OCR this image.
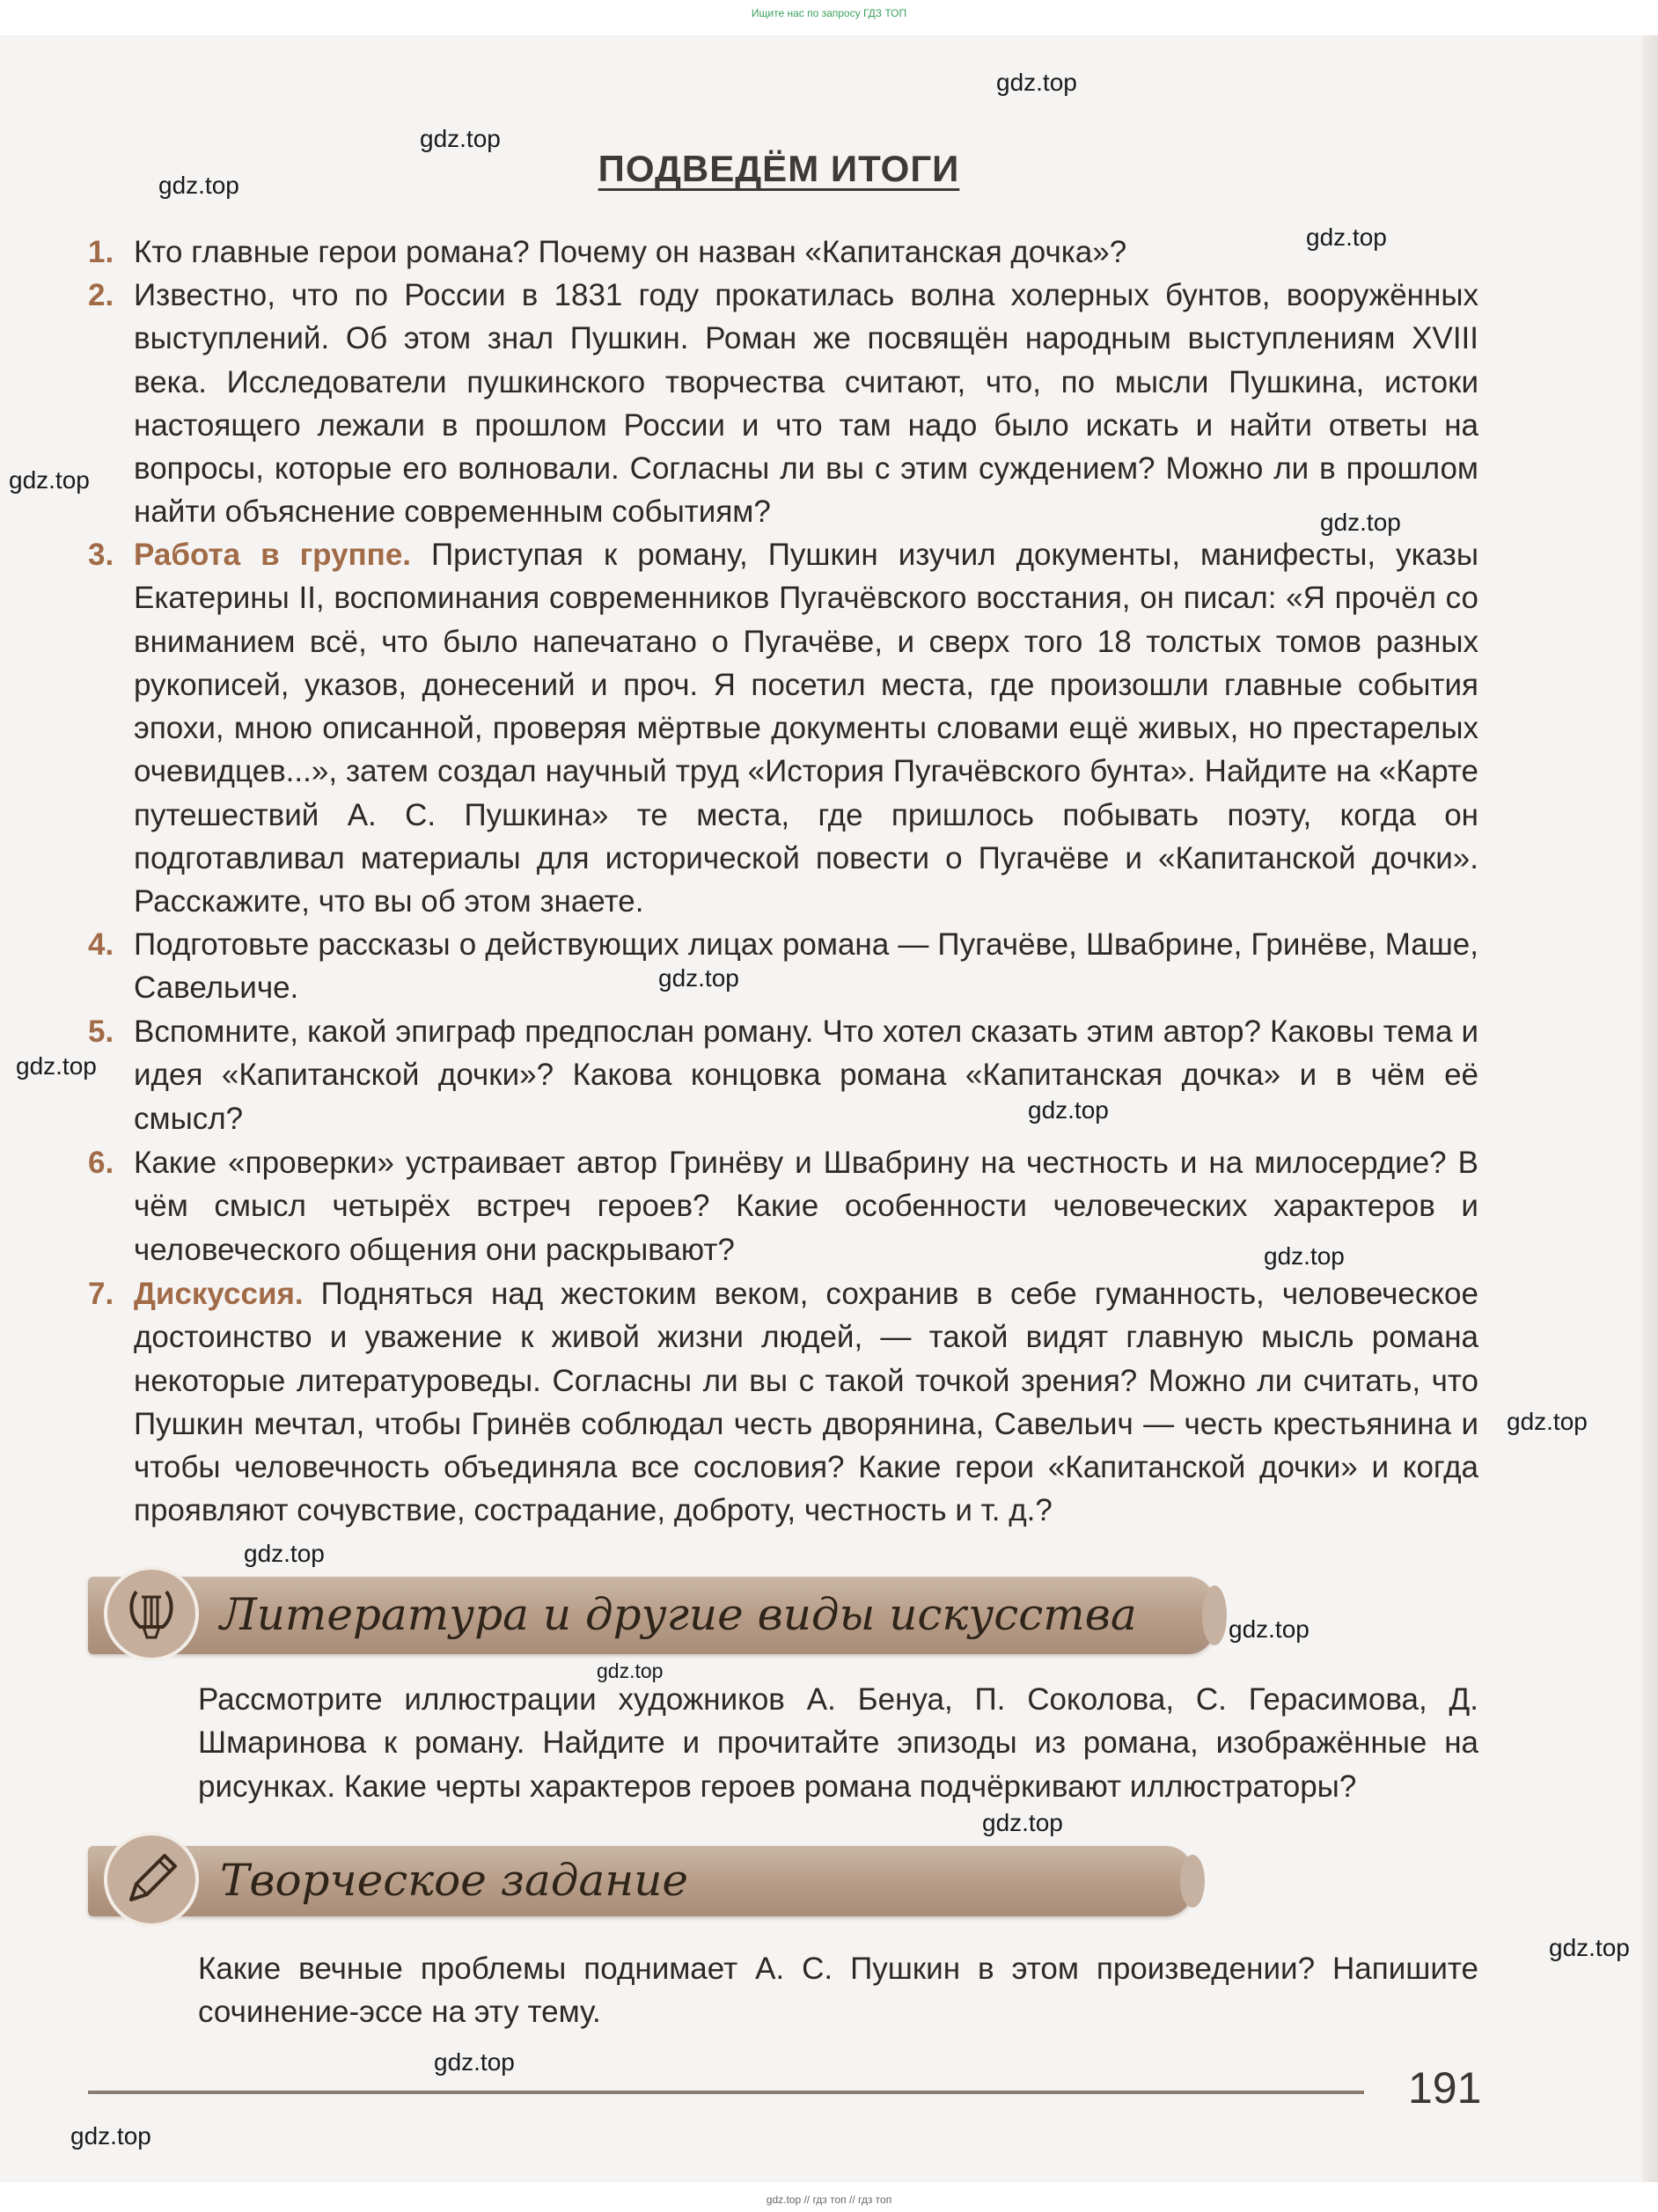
Ищите нас по запросу ГДЗ ТОП
ПОДВЕДЁМ ИТОГИ
1. Кто главные герои романа? Почему он назван «Капитанская дочка»?
2. Известно, что по России в 1831 году прокатилась волна холерных бунтов, вооружённых выступлений. Об этом знал Пушкин. Роман же посвящён народным выступлениям XVIII века. Исследователи пушкинского творчества считают, что, по мысли Пушкина, истоки настоящего лежали в прошлом России и что там надо было искать и найти ответы на вопросы, которые его волновали. Согласны ли вы с этим суждением? Можно ли в прошлом найти объяснение современным событиям?
3. Работа в группе. Приступая к роману, Пушкин изучил документы, манифесты, указы Екатерины II, воспоминания современников Пугачёвского восстания, он писал: «Я прочёл со вниманием всё, что было напечатано о Пугачёве, и сверх того 18 толстых томов разных рукописей, указов, донесений и проч. Я посетил места, где произошли главные события эпохи, мною описанной, проверяя мёртвые документы словами ещё живых, но престарелых очевидцев...», затем создал научный труд «История Пугачёвского бунта». Найдите на «Карте путешествий А. С. Пушкина» те места, где пришлось побывать поэту, когда он подготавливал материалы для исторической повести о Пугачёве и «Капитанской дочки». Расскажите, что вы об этом знаете.
4. Подготовьте рассказы о действующих лицах романа — Пугачёве, Швабрине, Гринёве, Маше, Савельиче.
5. Вспомните, какой эпиграф предпослан роману. Что хотел сказать этим автор? Каковы тема и идея «Капитанской дочки»? Какова концовка романа «Капитанская дочка» и в чём её смысл?
6. Какие «проверки» устраивает автор Гринёву и Швабрину на честность и на милосердие? В чём смысл четырёх встреч героев? Какие особенности человеческих характеров и человеческого общения они раскрывают?
7. Дискуссия. Подняться над жестоким веком, сохранив в себе гуманность, человеческое достоинство и уважение к живой жизни людей, — такой видят главную мысль романа некоторые литературоведы. Согласны ли вы с такой точкой зрения? Можно ли считать, что Пушкин мечтал, чтобы Гринёв соблюдал честь дворянина, Савельич — честь крестьянина и чтобы человечность объединяла все сословия? Какие герои «Капитанской дочки» и когда проявляют сочувствие, сострадание, доброту, честность и т. д.?
Литература и другие виды искусства
Рассмотрите иллюстрации художников А. Бенуа, П. Соколова, С. Герасимова, Д. Шмаринова к роману. Найдите и прочитайте эпизоды из романа, изображённые на рисунках. Какие черты характеров героев романа подчёркивают иллюстраторы?
Творческое задание
Какие вечные проблемы поднимает А. С. Пушкин в этом произведении? Напишите сочинение-эссе на эту тему.
191
gdz.top
gdz.top
gdz.top
gdz.top
gdz.top
gdz.top
gdz.top
gdz.top
gdz.top
gdz.top
gdz.top
gdz.top
gdz.top
gdz.top
gdz.top
gdz.top
gdz.top
gdz.top
gdz.top // гдз топ // гдз топ
